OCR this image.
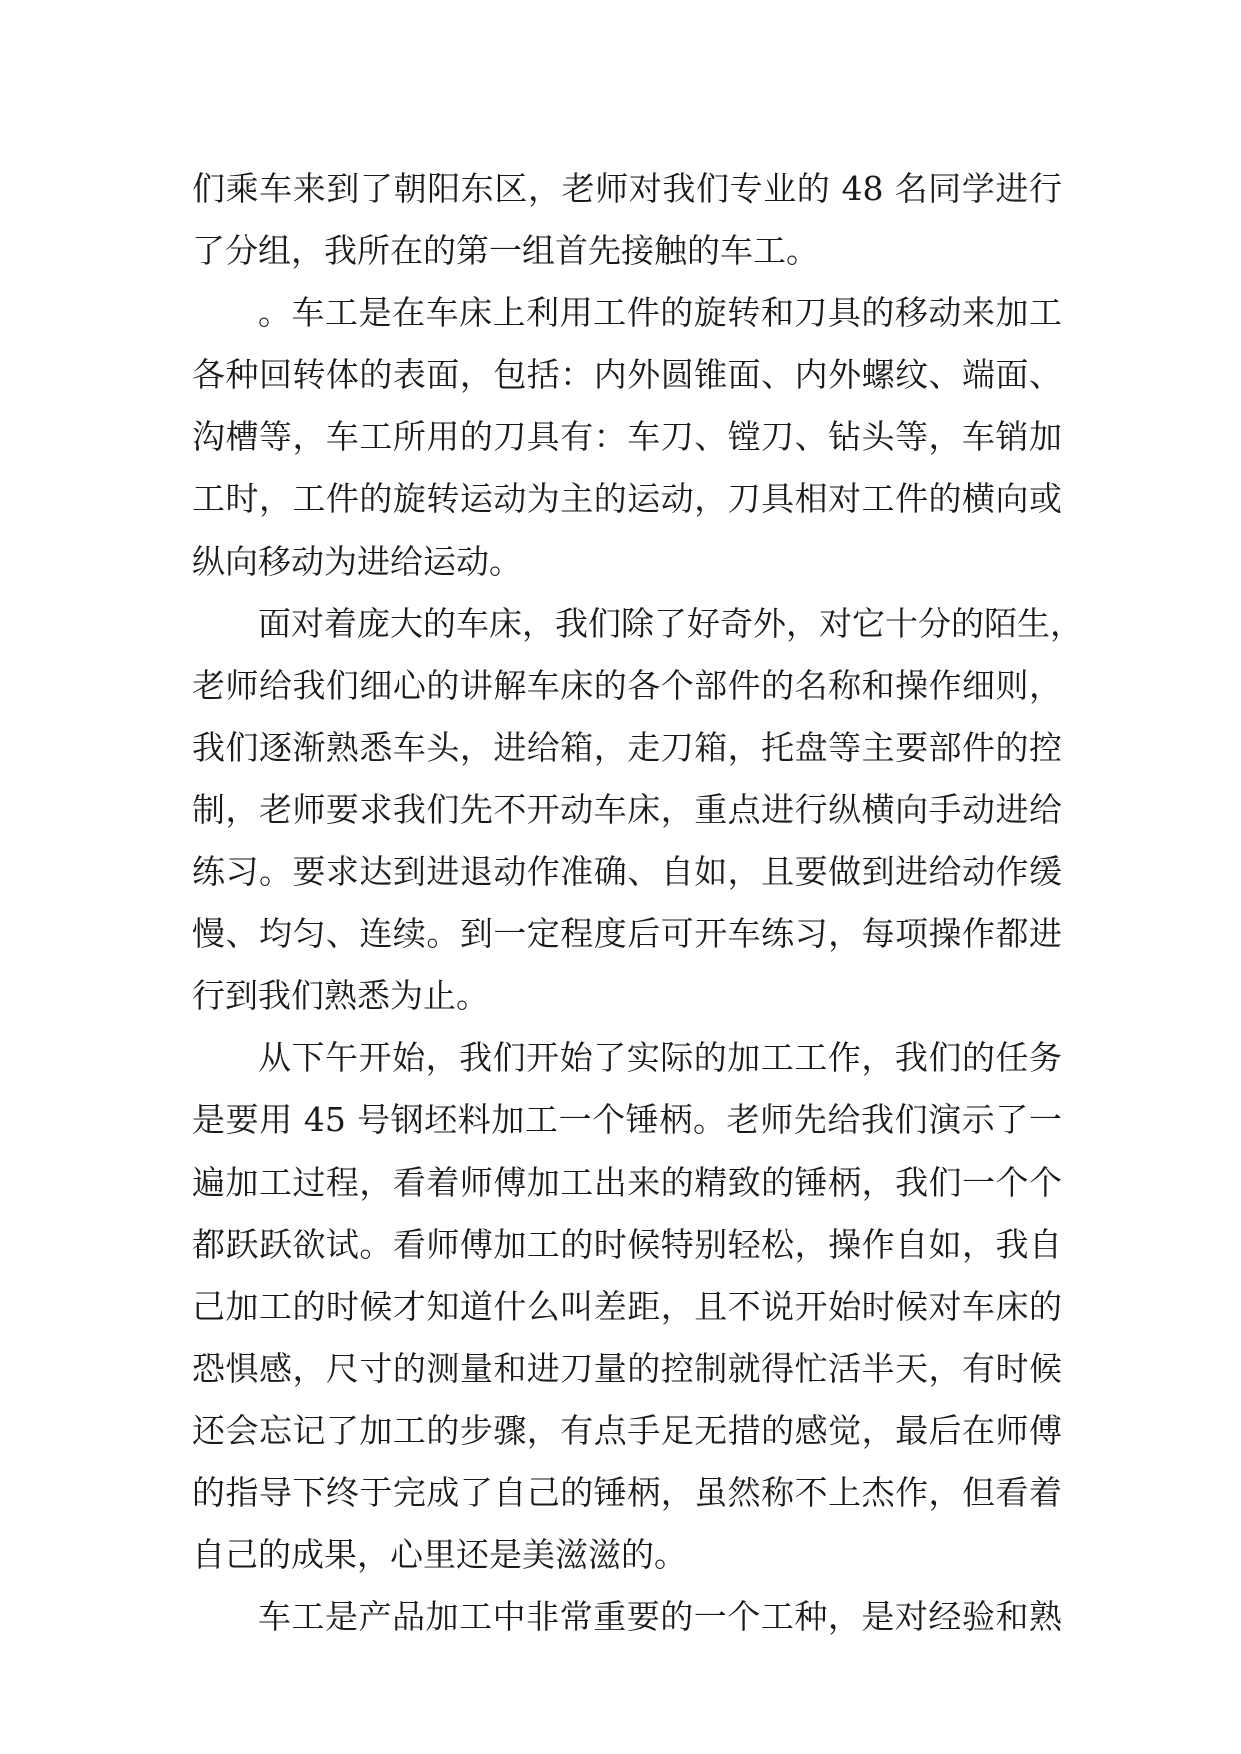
们乘车来到了朝阳东区，老师对我们专业的 48 名同学进行
了分组，我所在的第一组首先接触的车工。
。车工是在车床上利用工件的旋转和刀具的移动来加工
各种回转体的表面，包括：内外圆锥面、内外螺纹、端面、
沟槽等，车工所用的刀具有：车刀、镗刀、钻头等，车销加
工时，工件的旋转运动为主的运动，刀具相对工件的横向或
纵向移动为进给运动。
面对着庞大的车床，我们除了好奇外，对它十分的陌生，
老师给我们细心的讲解车床的各个部件的名称和操作细则，
我们逐渐熟悉车头，进给箱，走刀箱，托盘等主要部件的控
制，老师要求我们先不开动车床，重点进行纵横向手动进给
练习。要求达到进退动作准确、自如，且要做到进给动作缓
慢、均匀、连续。到一定程度后可开车练习，每项操作都进
行到我们熟悉为止。
从下午开始，我们开始了实际的加工工作，我们的任务
是要用 45 号钢坯料加工一个锤柄。老师先给我们演示了一
遍加工过程，看着师傅加工出来的精致的锤柄，我们一个个
都跃跃欲试。看师傅加工的时候特别轻松，操作自如，我自
己加工的时候才知道什么叫差距，且不说开始时候对车床的
恐惧感，尺寸的测量和进刀量的控制就得忙活半天，有时候
还会忘记了加工的步骤，有点手足无措的感觉，最后在师傅
的指导下终于完成了自己的锤柄，虽然称不上杰作，但看着
自己的成果，心里还是美滋滋的。
车工是产品加工中非常重要的一个工种，是对经验和熟
